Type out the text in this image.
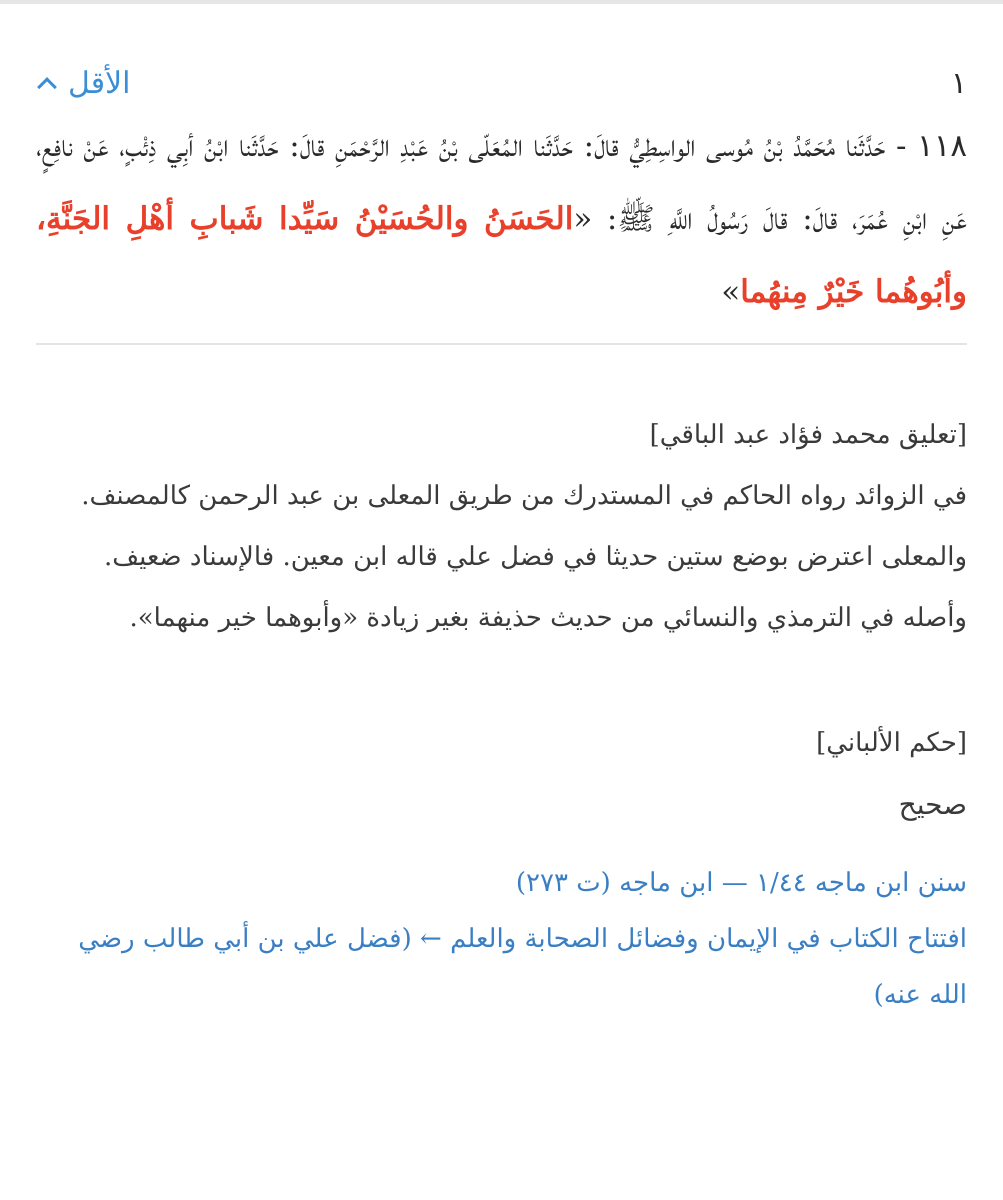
١
الأقل
١١٨ - حَدَّثَنا مُحَمَّدُ بْنُ مُوسى الواسِطِيُّ قالَ: حَدَّثَنا المُعَلّى بْنُ عَبْدِ الرَّحْمَنِ قالَ: حَدَّثَنا ابْنُ أبِي ذِئْبٍ، عَنْ نافِعٍ، عَنِ ابْنِ عُمَرَ، قالَ: قالَ رَسُولُ اللَّهِ ﷺ: «الحَسَنُ والحُسَيْنُ سَيِّدا شَبابِ أهْلِ الجَنَّةِ، وأبُوهُما خَيْرٌ مِنهُما»
[تعليق محمد فؤاد عبد الباقي]
في الزوائد رواه الحاكم في المستدرك من طريق المعلى بن عبد الرحمن كالمصنف. والمعلى اعترض بوضع ستين حديثا في فضل علي قاله ابن معين. فالإسناد ضعيف. وأصله في الترمذي والنسائي من حديث حذيفة بغير زيادة «وأبوهما خير منهما».
[حكم الألباني]
صحيح
سنن ابن ماجه ١/٤٤ — ابن ماجه (ت ٢٧٣)
افتتاح الكتاب في الإيمان وفضائل الصحابة والعلم ← (فضل علي بن أبي طالب رضي الله عنه)
